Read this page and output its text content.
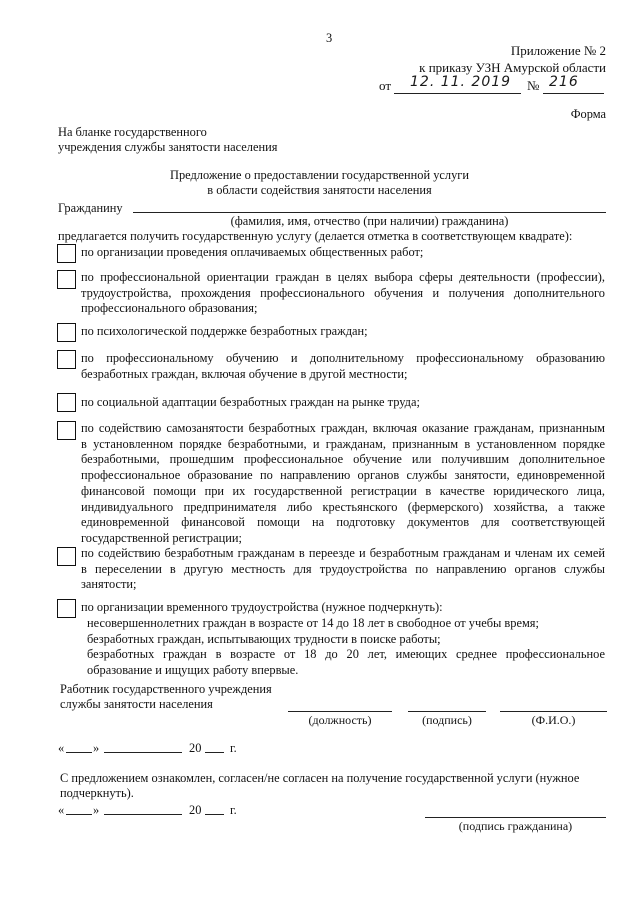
3
Приложение № 2
к приказу УЗН Амурской области
от 12. 11. 2019 № 216
Форма
На бланке государственного
учреждения службы занятости населения
Предложение о предоставлении государственной услуги
в области содействия занятости населения
Гражданину
(фамилия, имя, отчество (при наличии) гражданина)
предлагается получить государственную услугу (делается отметка в соответствующем квадрате):
по организации проведения оплачиваемых общественных работ;
по профессиональной ориентации граждан в целях выбора сферы деятельности (профессии),
трудоустройства, прохождения профессионального обучения и получения дополнительного
профессионального образования;
по психологической поддержке безработных граждан;
по профессиональному обучению и дополнительному профессиональному образованию
безработных граждан, включая обучение в другой местности;
по социальной адаптации безработных граждан на рынке труда;
по содействию самозанятости безработных граждан, включая оказание гражданам, признанным
в установленном порядке безработными, и гражданам, признанным в установленном порядке
безработными, прошедшим профессиональное обучение или получившим дополнительное
профессиональное образование по направлению органов службы занятости, единовременной
финансовой помощи при их государственной регистрации в качестве юридического лица,
индивидуального предпринимателя либо крестьянского (фермерского) хозяйства, а также
единовременной финансовой помощи на подготовку документов для соответствующей
государственной регистрации;
по содействию безработным гражданам в переезде и безработным гражданам и членам их семей
в переселении в другую местность для трудоустройства по направлению органов службы
занятости;
по организации временного трудоустройства (нужное подчеркнуть):
несовершеннолетних граждан в возрасте от 14 до 18 лет в свободное от учебы время;
безработных граждан, испытывающих трудности в поиске работы;
безработных граждан в возрасте от 18 до 20 лет, имеющих среднее профессиональное
образование и ищущих работу впервые.
Работник государственного учреждения
службы занятости населения
(должность)	(подпись)	(Ф.И.О.)
« »	20 г.
С предложением ознакомлен, согласен/не согласен на получение государственной услуги (нужное
подчеркнуть).
« »	20 г.
(подпись гражданина)
